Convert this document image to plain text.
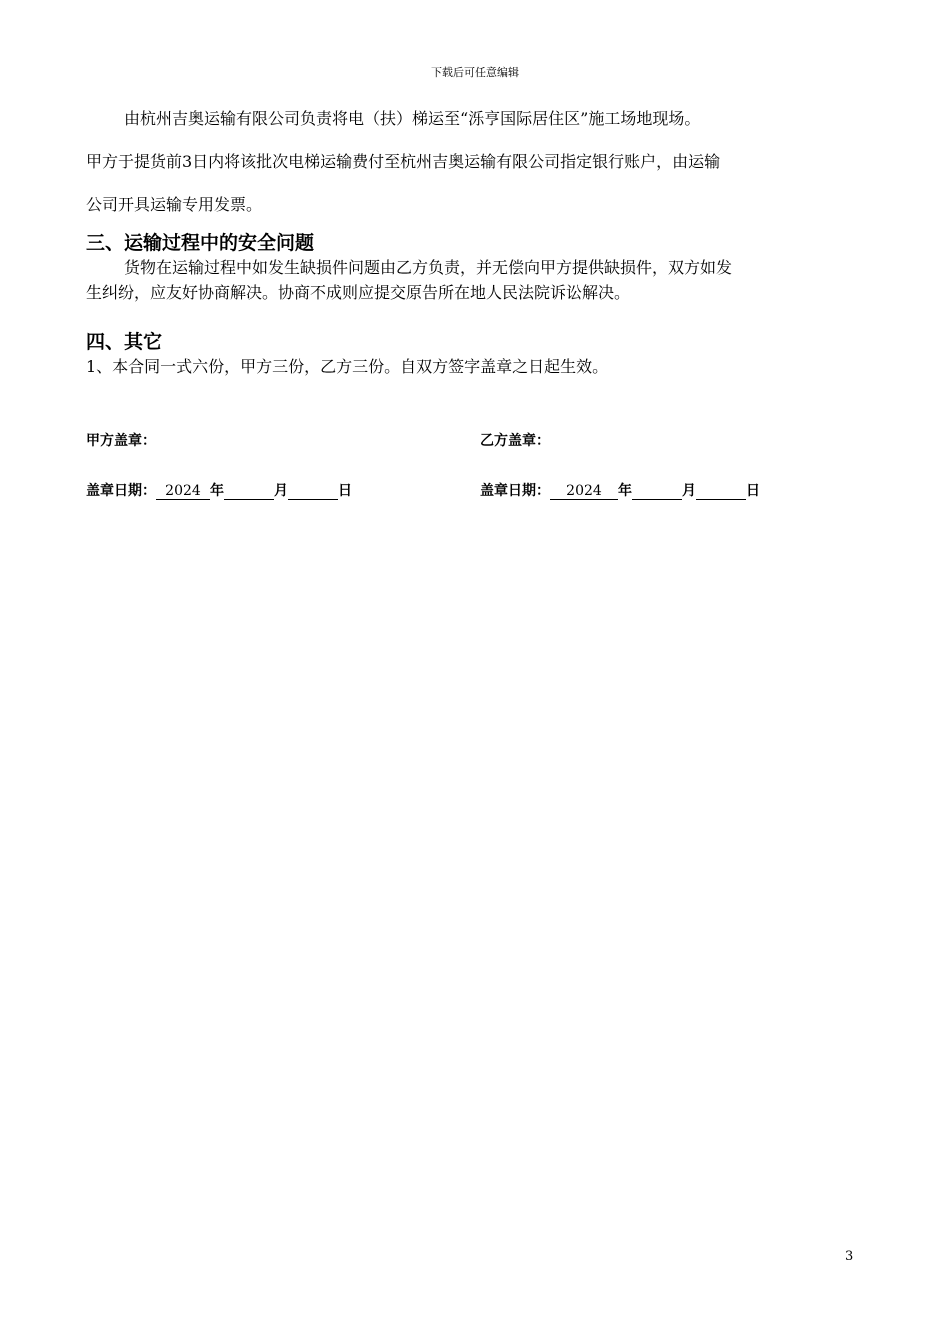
下载后可任意编辑
由杭州吉奥运输有限公司负责将电（扶）梯运至“泺亨国际居住区”施工场地现场。
甲方于提货前3日内将该批次电梯运输费付至杭州吉奥运输有限公司指定银行账户，由运输
公司开具运输专用发票。
三、运输过程中的安全问题
货物在运输过程中如发生缺损件问题由乙方负责，并无偿向甲方提供缺损件，双方如发
生纠纷，应友好协商解决。协商不成则应提交原告所在地人民法院诉讼解决。
四、其它
1、本合同一式六份，甲方三份，乙方三份。自双方签字盖章之日起生效。
甲方盖章：	乙方盖章：
盖章日期： 2024 年	月	日	盖章日期： 2024 年	月	日
3
